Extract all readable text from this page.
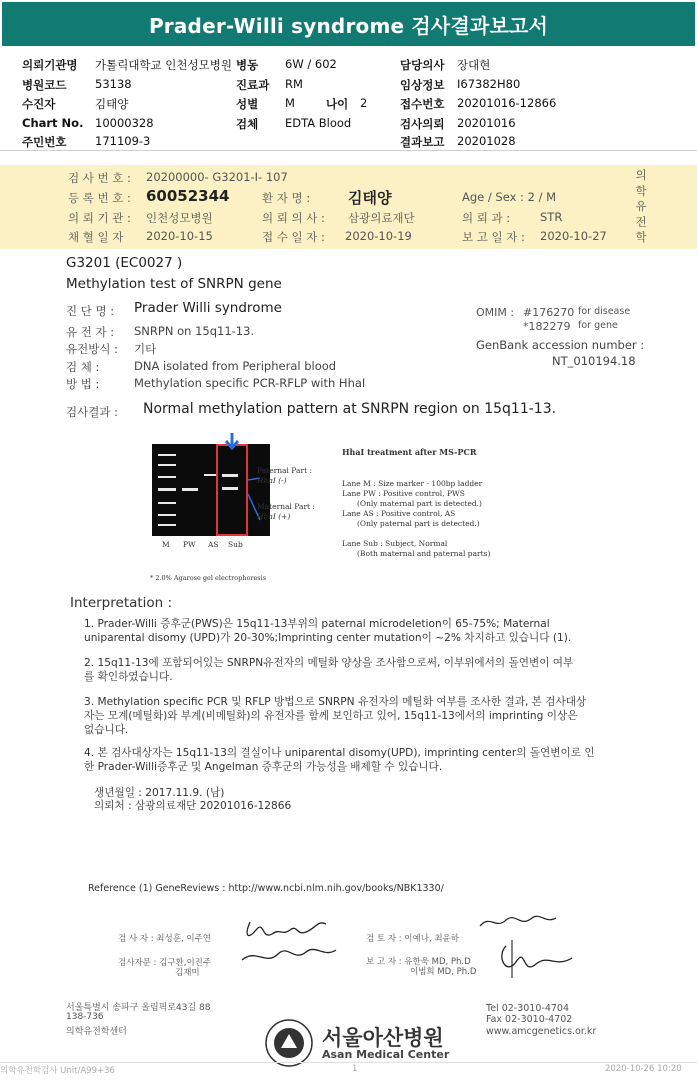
Prader-Willi syndrome 검사결과보고서
의뢰기관명 가톨릭대학교 인천성모병원 병동 6W / 602	담당의사 장대현
병원코드 53138	진료과 RM	임상정보 I67382H80
수진자	김태양	성별 M	나이 2	접수번호 20201016-12866
Chart No. 10000328	검체 EDTA Blood	검사의뢰 20201016
주민번호 171109-3	결과보고 20201028
검 사 번 호 : 20200000- G3201-I- 107
등 록 번 호 : 60052344	환 자 명 :	김태양	Age / Sex : 2 / M
의 뢰 기 관 : 인천성모병원	의 뢰 의 사 : 삼광의료재단	의 뢰 과 :	STR
채 혈 일 자 2020-10-15	접 수 일 자 : 2020-10-19	보 고 일 자 : 2020-10-27
의
학
유
전
학
G3201 (EC0027 )
Methylation test of SNRPN gene
진 단 명 : Prader Willi syndrome
유 전 자 : SNRPN on 15q11-13.
유전방식 : 기타
검 체 :	DNA isolated from Peripheral blood
방 법 :	Methylation specific PCR-RFLP with HhaI
OMIM : #176270 for disease
*182279 for gene
GenBank accession number :
NT_010194.18
검사결과 : Normal methylation pattern at SNRPN region on 15q11-13.
M PW AS Sub
Paternal Part :
HhaI (-)
Maternal Part :
HhaI (+)
HhaI treatment after MS-PCR
Lane M : Size marker - 100bp ladder
Lane PW : Positive control, PWS
(Only maternal part is detected.)
Lane AS : Positive control, AS
(Only paternal part is detected.)
Lane Sub : Subject, Normal
(Both maternal and paternal parts)
* 2.0% Agarose gel electrophoresis
Interpretation :
1. Prader-Willi 증후군(PWS)은 15q11-13부위의 paternal microdeletion이 65-75%; Maternal
uniparental disomy (UPD)가 20-30%;Imprinting center mutation이 ~2% 차지하고 있습니다 (1).
2. 15q11-13에 포함되어있는 SNRPN유전자의 메틸화 양상을 조사함으로써, 이부위에서의 돌연변이 여부
를 확인하였습니다.
3. Methylation specific PCR 및 RFLP 방법으로 SNRPN 유전자의 메틸화 여부를 조사한 결과, 본 검사대상
자는 모계(메틸화)와 부계(비메틸화)의 유전자를 함께 보인하고 있어, 15q11-13에서의 imprinting 이상은
없습니다.
4. 본 검사대상자는 15q11-13의 결실이나 uniparental disomy(UPD), imprinting center의 돌연변이로 인
한 Prader-Willi증후군 및 Angelman 증후군의 가능성을 배제할 수 있습니다.
생년월일 : 2017.11.9. (남)
의뢰처 : 삼광의료재단 20201016-12866
Reference (1) GeneReviews : http://www.ncbi.nlm.nih.gov/books/NBK1330/
검 사 자 : 최성훈, 이주연
검사자문 : 김구환,이진주
김재미
검 토 자 : 이예나, 최윤하
보 고 자 : 유한욱 MD, Ph.D
이범희 MD, Ph.D
서울특별시 송파구 올림픽로43길 88
138-736
의학유전학센터	서울아산병원
Asan Medical Center
Tel 02-3010-4704
Fax 02-3010-4702
www.amcgenetics.or.kr
의학유전학검사 Unit/A99+36	1	2020-10-26 10:20
